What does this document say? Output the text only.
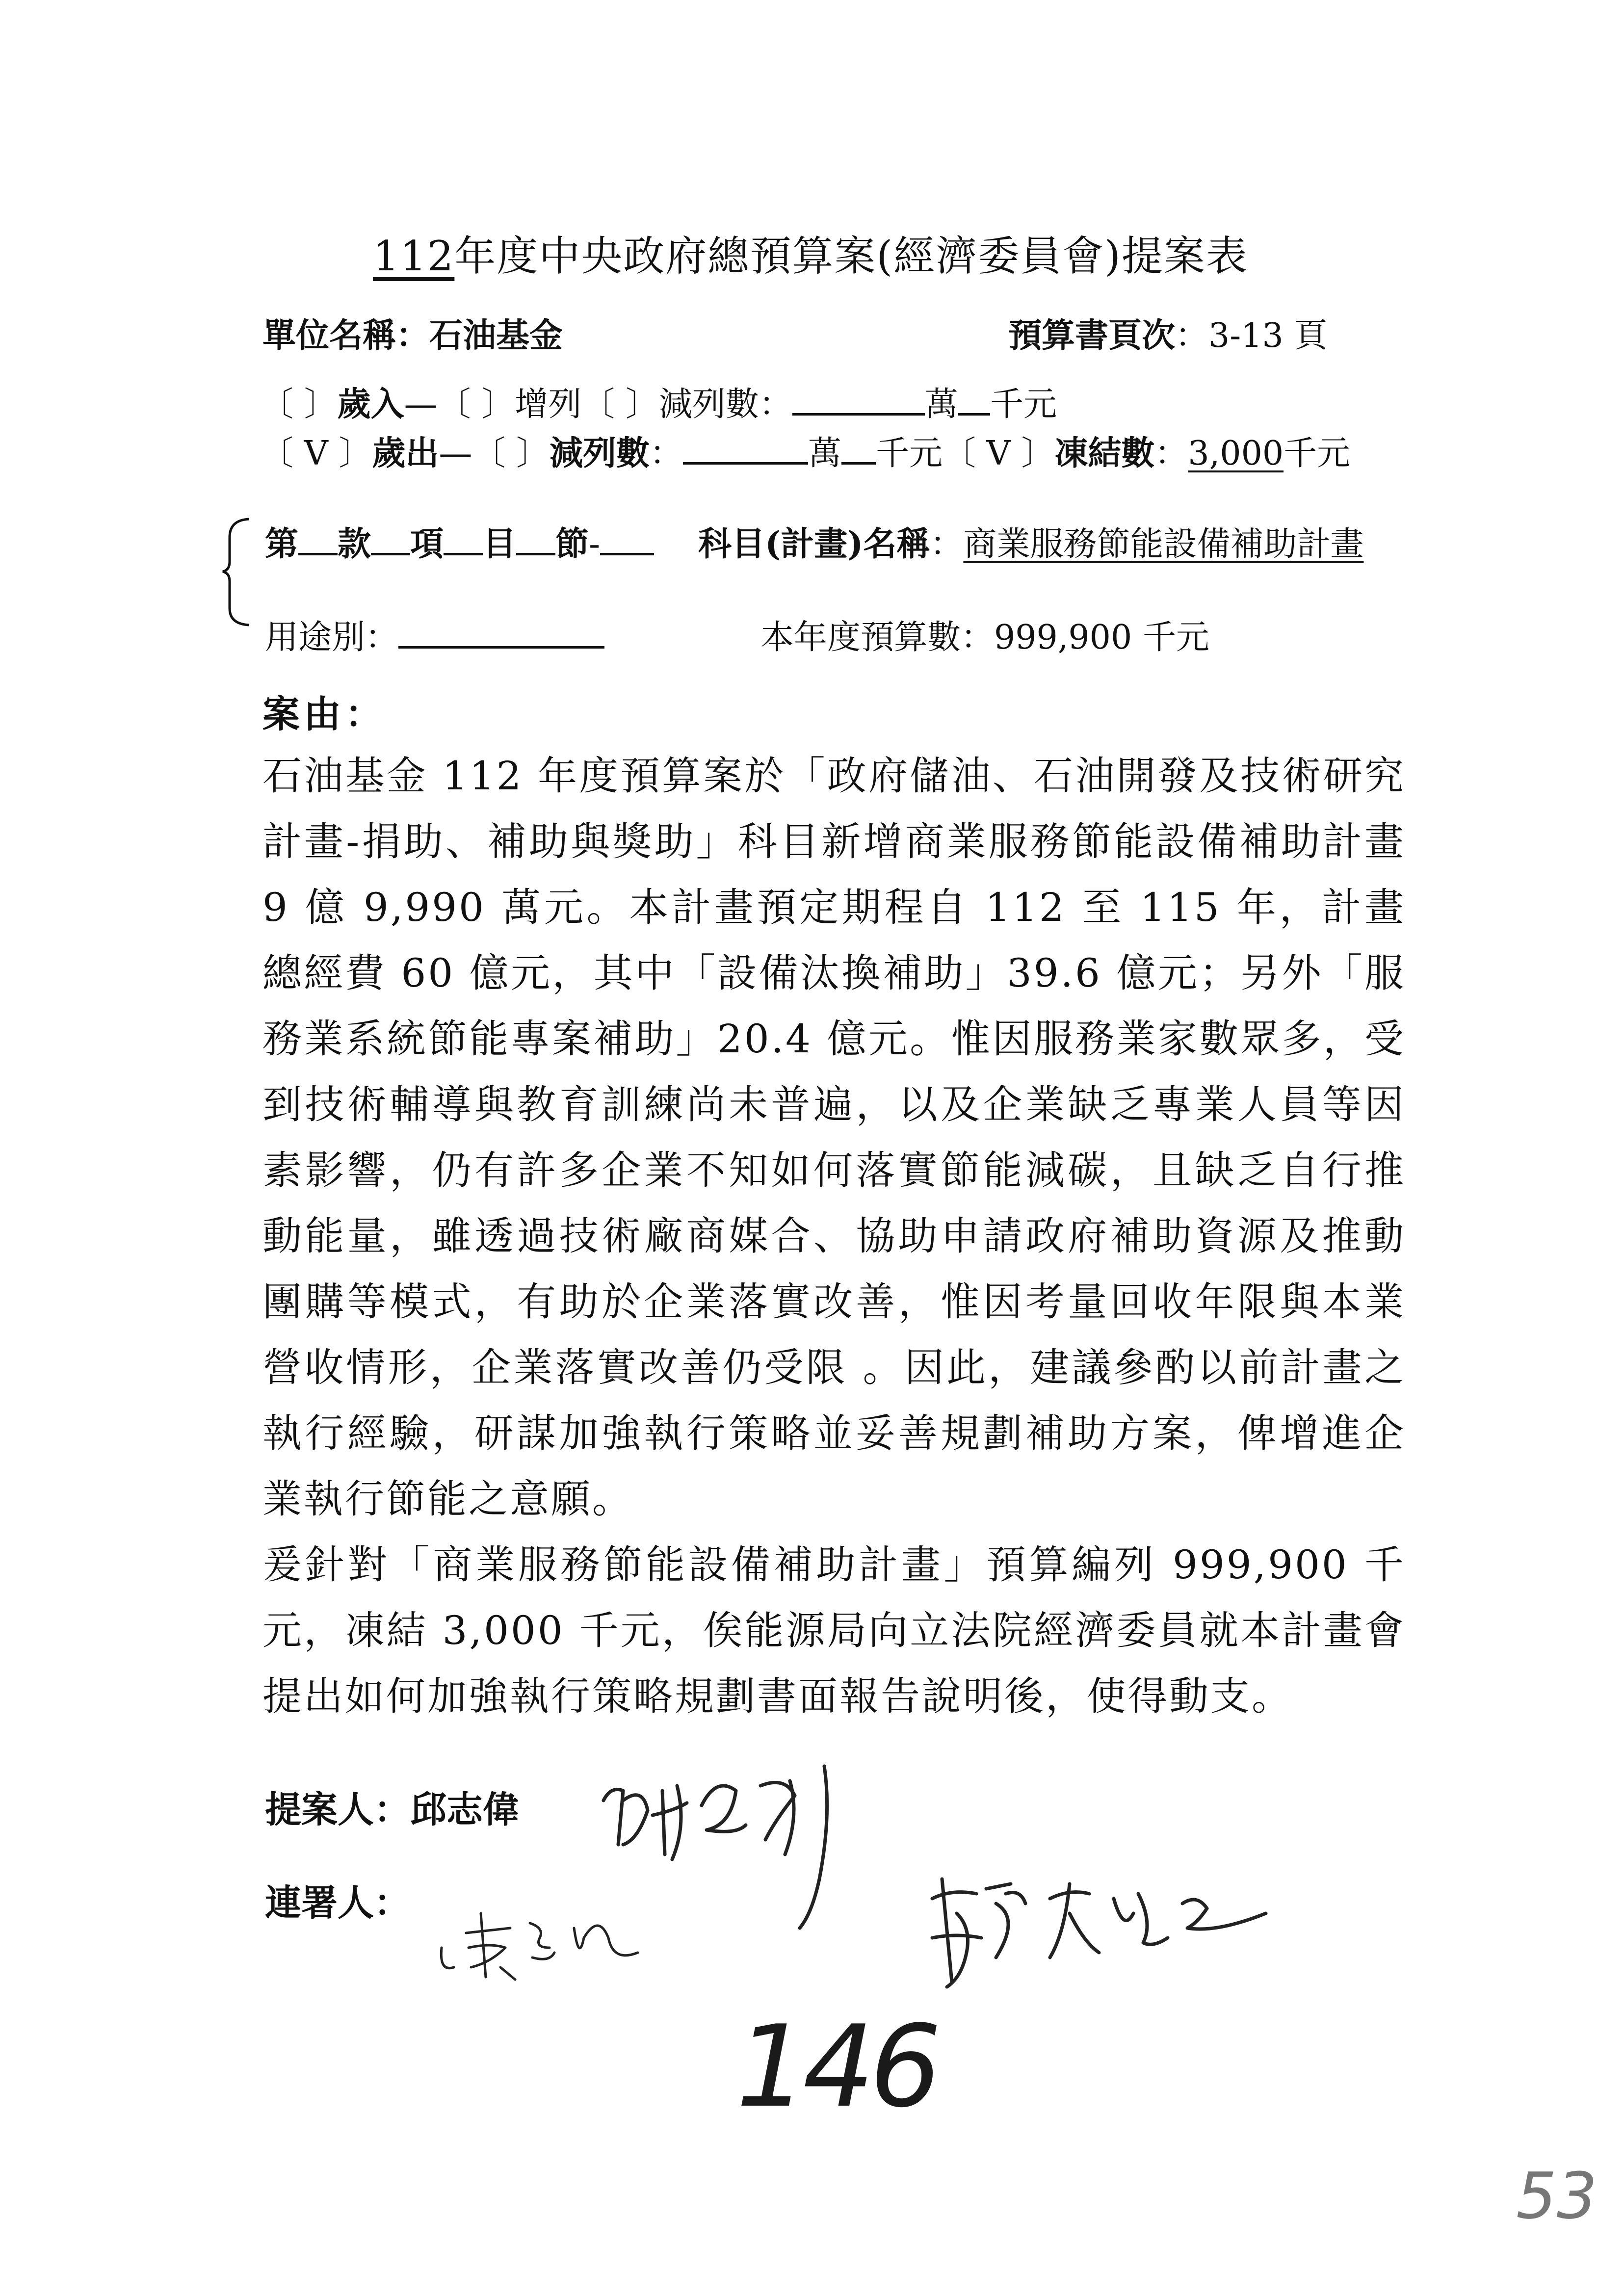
112年度中央政府總預算案(經濟委員會)提案表
單位名稱：石油基金	預算書頁次：3-13 頁
〔 〕歲入—〔 〕增列〔 〕減列數：	萬 千元
〔 V 〕歲出—〔 〕減列數：	萬 千元〔 V 〕凍結數：3,000千元
第 款 項 目 節-	科目(計畫)名稱：商業服務節能設備補助計畫
用途別：	本年度預算數：999,900 千元
案由：

石油基金 112 年度預算案於「政府儲油、石油開發及技術研究計畫-捐助、補助與獎助」科目新增商業服務節能設備補助計畫 9 億 9,990 萬元。本計畫預定期程自 112 至 115 年，計畫總經費 60 億元，其中「設備汰換補助」39.6 億元；另外「服務業系統節能專案補助」20.4 億元。惟因服務業家數眾多，受到技術輔導與教育訓練尚未普遍，以及企業缺乏專業人員等因素影響，仍有許多企業不知如何落實節能減碳，且缺乏自行推動能量，雖透過技術廠商媒合、協助申請政府補助資源及推動團購等模式，有助於企業落實改善，惟因考量回收年限與本業營收情形，企業落實改善仍受限 。因此，建議參酌以前計畫之執行經驗，研謀加強執行策略並妥善規劃補助方案，俾增進企業執行節能之意願。

爰針對「商業服務節能設備補助計畫」預算編列 999,900 千元，凍結 3,000 千元，俟能源局向立法院經濟委員就本計畫會提出如何加強執行策略規劃書面報告說明後，使得動支。

提案人：邱志偉
連署人：
146
53
